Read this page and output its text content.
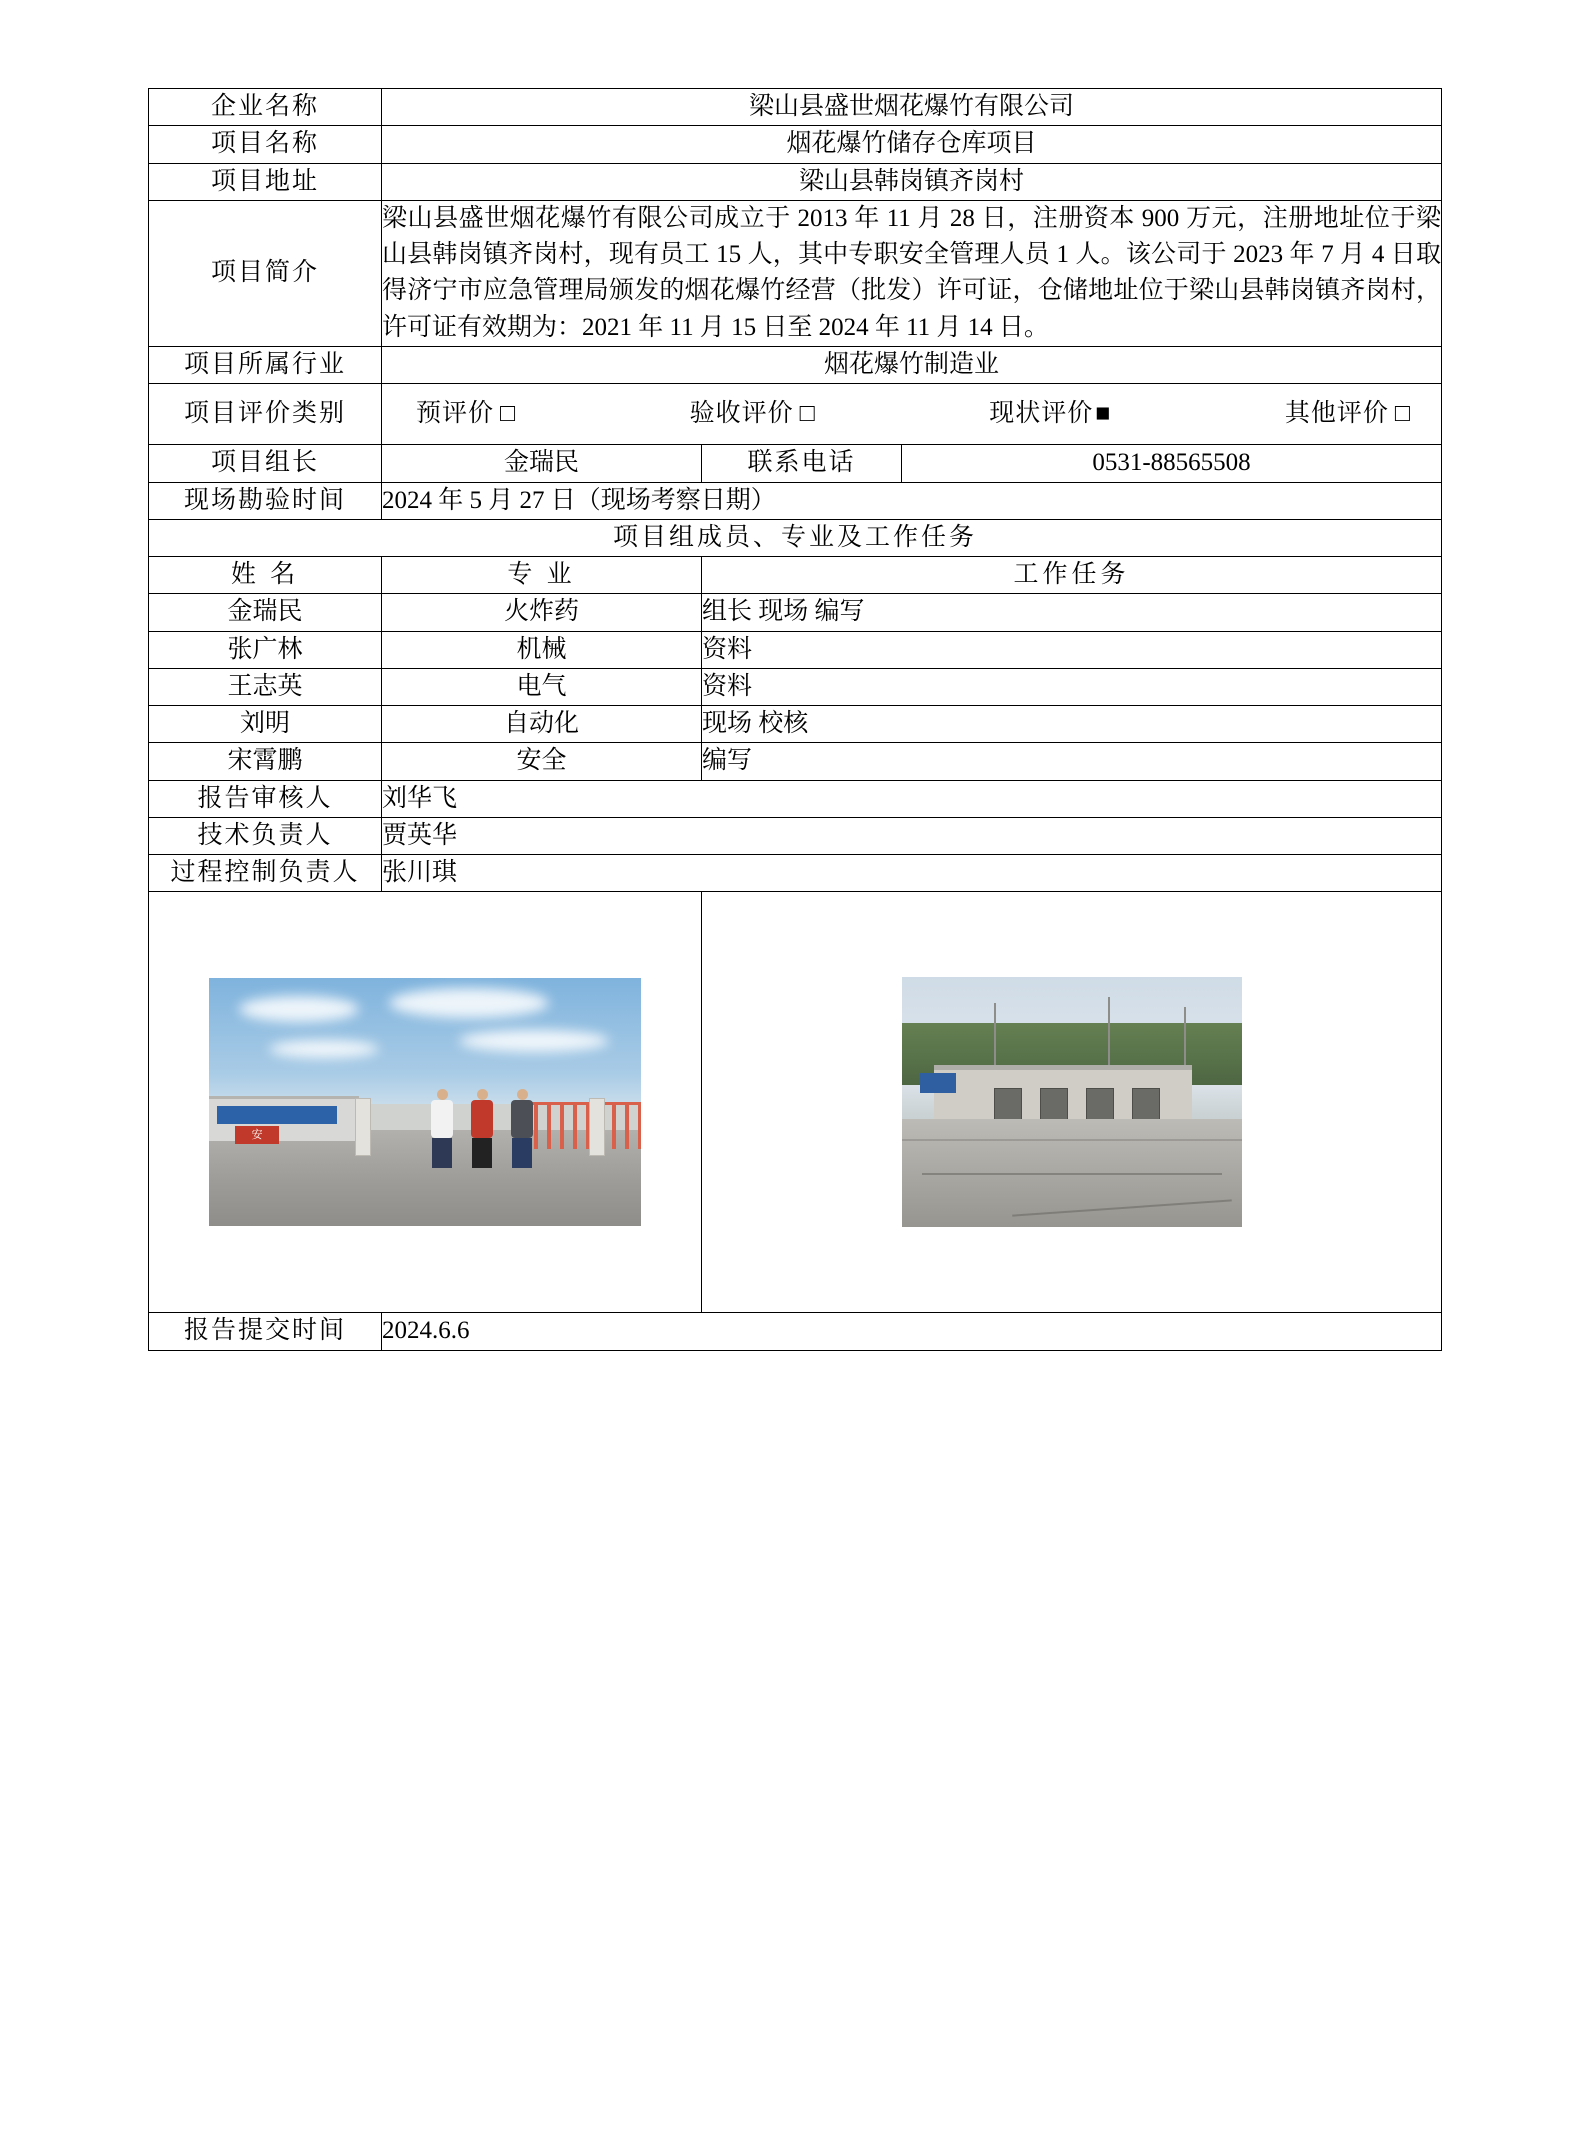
企业名称	梁山县盛世烟花爆竹有限公司		
项目名称	烟花爆竹储存仓库项目		
项目地址	梁山县韩岗镇齐岗村		
项目简介	梁山县盛世烟花爆竹有限公司成立于 2013 年 11 月 28 日，注册资本 900 万元，注册地址位于梁山县韩岗镇齐岗村，现有员工 15 人，其中专职安全管理人员 1 人。该公司于 2023 年 7 月 4 日取得济宁市应急管理局颁发的烟花爆竹经营（批发）许可证，仓储地址位于梁山县韩岗镇齐岗村，许可证有效期为：2021 年 11 月 15 日至 2024 年 11 月 14 日。		
项目所属行业	烟花爆竹制造业		
项目评价类别	预评价 □ 验收评价 □ 现状评价 ■ 其他评价 □

项目组长	金瑞民	联系电话	0531-88565508
现场勘验时间	2024 年 5 月 27 日（现场考察日期）		
项目组成员、专业及工作任务			
姓 名	专 业	工作任务	
金瑞民	火炸药	组长 现场 编写	
张广林	机械	资料	
王志英	电气	资料	
刘明	自动化	现场 校核	
宋霄鹏	安全	编写	
报告审核人	刘华飞		
技术负责人	贾英华		
过程控制负责人	张川琪		

安			

报告提交时间	2024.6.6		
